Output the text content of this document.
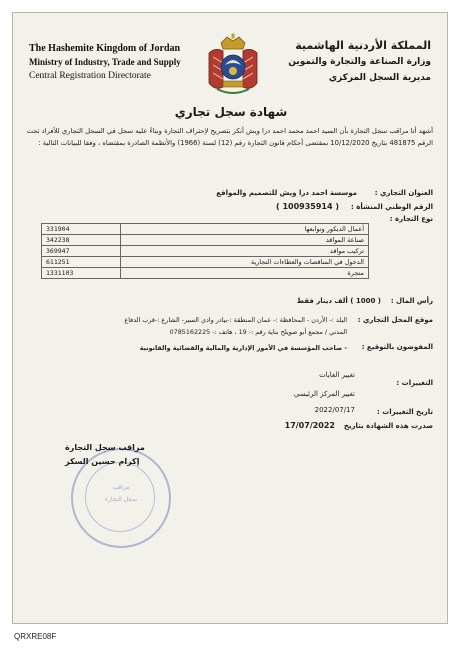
The Hashemite Kingdom of Jordan
Ministry of Industry, Trade and Supply
Central Registration Directorate
المملكة الأردنية الهاشمية
وزارة الصناعة والتجارة والتموين
مديرية السجل المركزي
شهادة سجل تجاري
أشهد أنا مراقب سجل التجارة بأن السيد احمد محمد احمد درا ويش أنكر بتصريح لإحتراف التجارة وبناءً عليه سجل في السجل التجاري للأفراد تحت الرقم 481875 بتاريخ 10/12/2020 بمقتضى أحكام قانون التجارة رقم (12) لسنة (1966) والأنظمة الصادرة بمقتضاه ، وفقا للبيانات التالية :
العنوان التجاري :
موسسة احمد درا ويش للتصميم والمواقع
الرقم الوطني المنشأة :
( 100935914 )
نوع التجارة :
331904	أعمال الديكور وتوابعها
342238	صناعة المواقد
369947	تركيب مواقد
611251	الدخول في المناقصات والعطاءات التجارية
1331103	متجرة
رأس المال :
( 1000 ) ألف دينار فقط
موقع المحل التجاري :
البلد :- الأردن - المحافظة :- عمان المنطقة :-بيادر وادي السير- الشارع :-قرب الدفاع
المدني / مجمع أبو صويلح بناية رقم :- 19 ، هاتف :- 0785162225
المفوضون بالتوقيع :
- صاحب المؤسسة في الأمور الإدارية والمالية والقضائية والقانونية
التغييرات :
تغيير الغايات
تغيير المركز الرئيسي
تاريخ التغييرات :
2022/07/17
صدرت هذه الشهادة بتاريخ
17/07/2022
مراقب
سجل التجارة
مراقب سجل التجارة
إكرام حسين السكر
QRXRE08F
